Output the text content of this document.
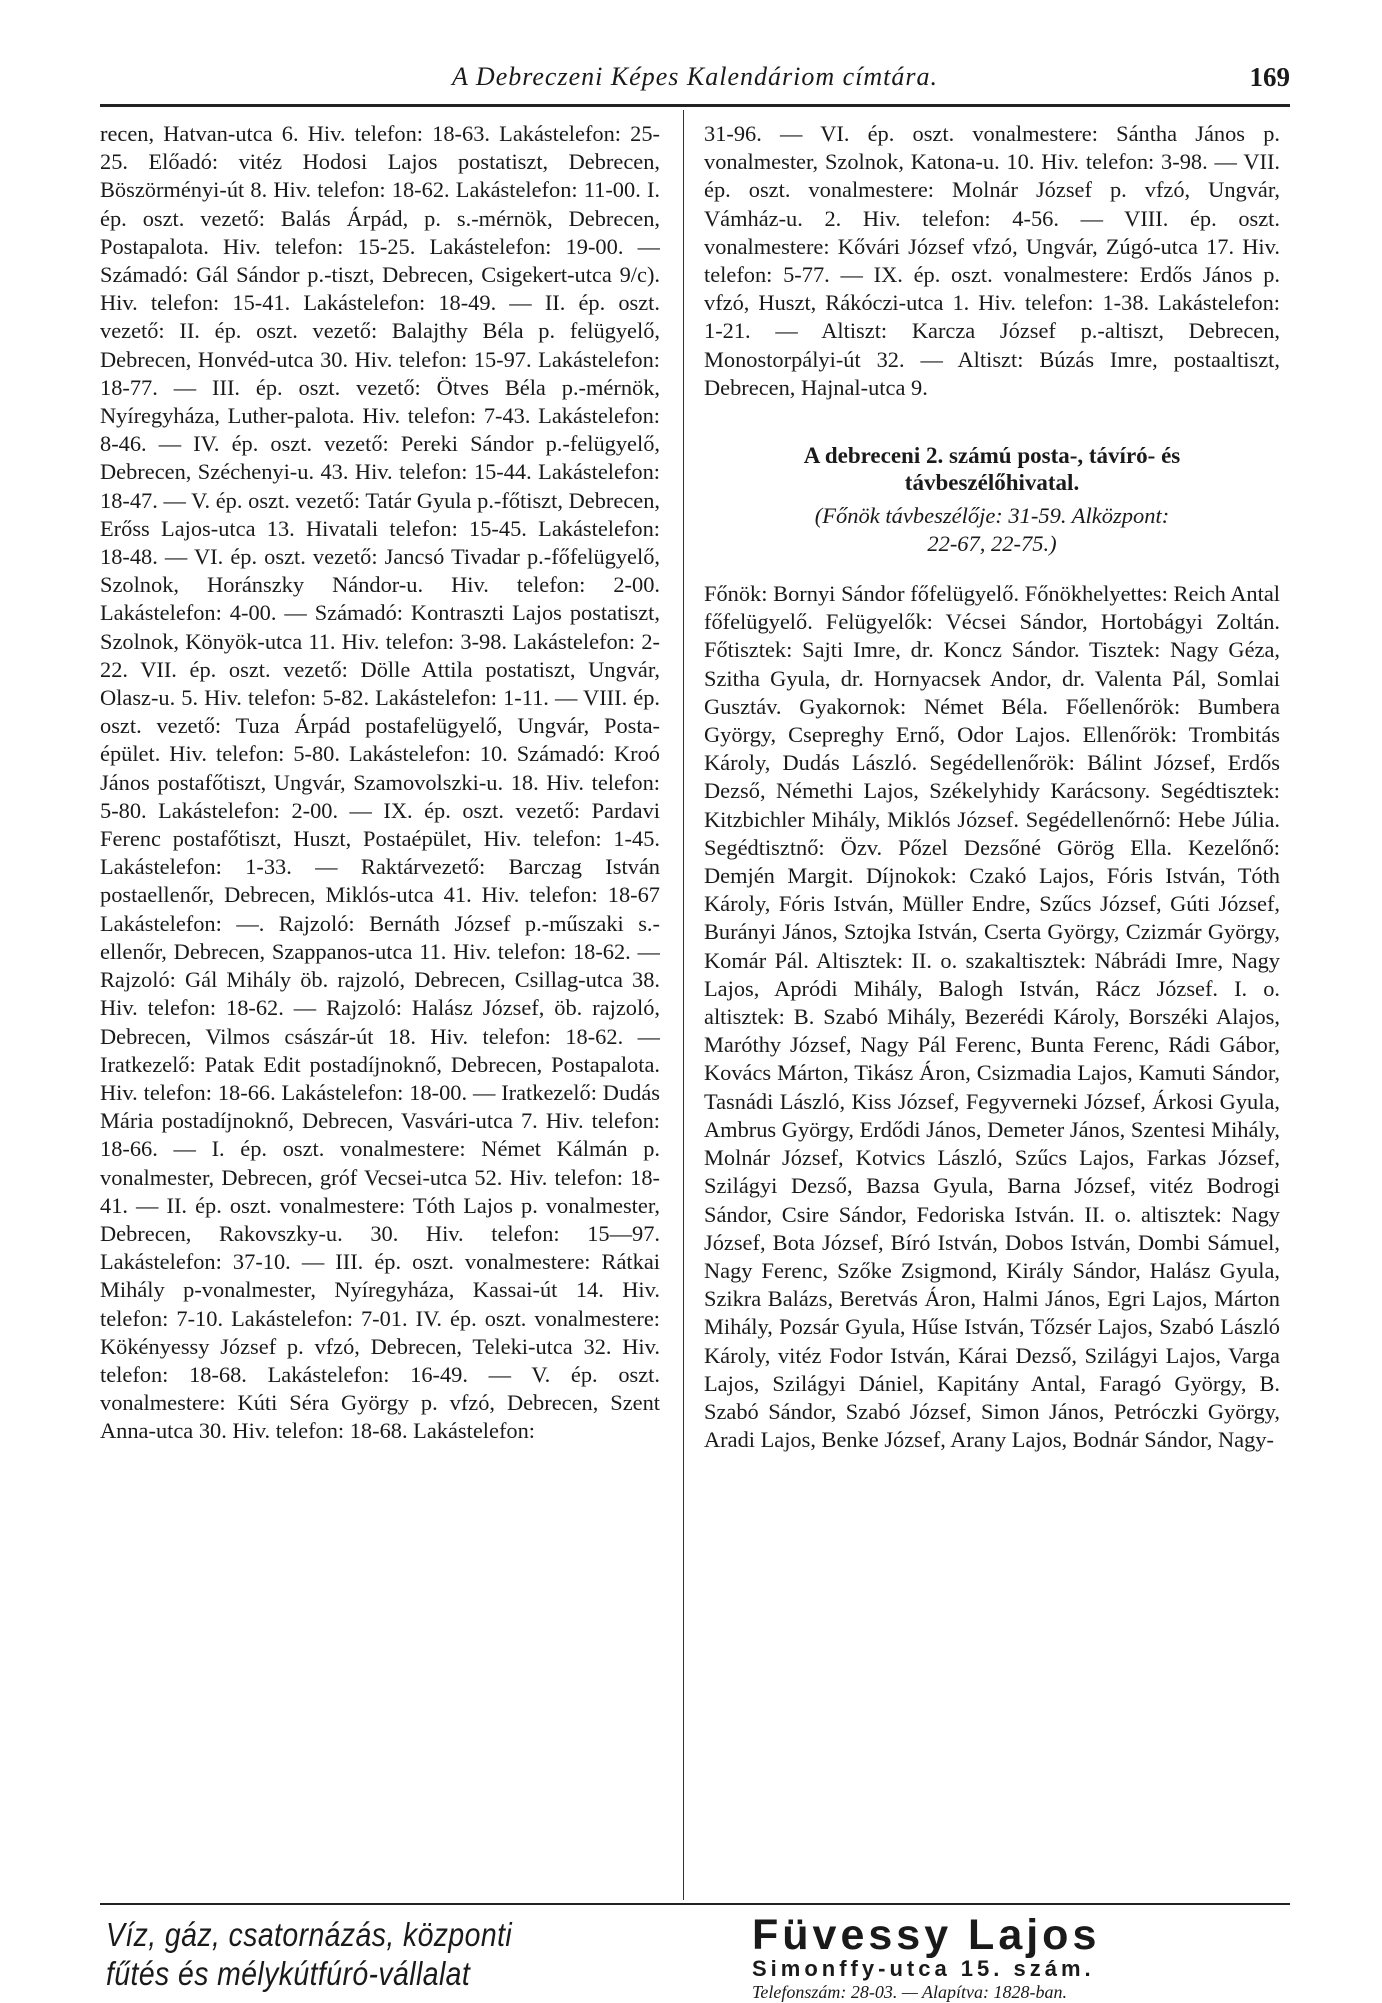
A Debreczeni Képes Kalendáriom címtára.	169

recen, Hatvan-utca 6. Hiv. telefon: 18-63. Lakástelefon: 25-25. Előadó: vitéz Hodosi Lajos postatiszt, Debrecen, Böszörményi-út 8. Hiv. telefon: 18-62. Lakástelefon: 11-00. I. ép. oszt. vezető: Balás Árpád, p. s.-mérnök, Debrecen, Postapalota. Hiv. telefon: 15-25. Lakástelefon: 19-00. — Számadó: Gál Sándor p.-tiszt, Debrecen, Csigekert-utca 9/c). Hiv. telefon: 15-41. Lakástelefon: 18-49. — II. ép. oszt. vezető: II. ép. oszt. vezető: Balajthy Béla p. felügyelő, Debrecen, Honvéd-utca 30. Hiv. telefon: 15-97. Lakástelefon: 18-77. — III. ép. oszt. vezető: Ötves Béla p.-mérnök, Nyíregyháza, Luther-palota. Hiv. telefon: 7-43. Lakástelefon: 8-46. — IV. ép. oszt. vezető: Pereki Sándor p.-felügyelő, Debrecen, Széchenyi-u. 43. Hiv. telefon: 15-44. Lakástelefon: 18-47. — V. ép. oszt. vezető: Tatár Gyula p.-főtiszt, Debrecen, Erőss Lajos-utca 13. Hivatali telefon: 15-45. Lakástelefon: 18-48. — VI. ép. oszt. vezető: Jancsó Tivadar p.-főfelügyelő, Szolnok, Horánszky Nándor-u. Hiv. telefon: 2-00. Lakástelefon: 4-00. — Számadó: Kontraszti Lajos postatiszt, Szolnok, Könyök-utca 11. Hiv. telefon: 3-98. Lakástelefon: 2-22. VII. ép. oszt. vezető: Dölle Attila postatiszt, Ungvár, Olasz-u. 5. Hiv. telefon: 5-82. Lakástelefon: 1-11. — VIII. ép. oszt. vezető: Tuza Árpád postafelügyelő, Ungvár, Posta-épület. Hiv. telefon: 5-80. Lakástelefon: 10. Számadó: Kroó János postafőtiszt, Ungvár, Szamovolszki-u. 18. Hiv. telefon: 5-80. Lakástelefon: 2-00. — IX. ép. oszt. vezető: Pardavi Ferenc postafőtiszt, Huszt, Postaépület, Hiv. telefon: 1-45. Lakástelefon: 1-33. — Raktárvezető: Barczag István postaellenőr, Debrecen, Miklós-utca 41. Hiv. telefon: 18-67 Lakástelefon: —. Rajzoló: Bernáth József p.-műszaki s.-ellenőr, Debrecen, Szappanos-utca 11. Hiv. telefon: 18-62. — Rajzoló: Gál Mihály öb. rajzoló, Debrecen, Csillag-utca 38. Hiv. telefon: 18-62. — Rajzoló: Halász József, öb. rajzoló, Debrecen, Vilmos császár-út 18. Hiv. telefon: 18-62. — Iratkezelő: Patak Edit postadíjnoknő, Debrecen, Postapalota. Hiv. telefon: 18-66. Lakástelefon: 18-00. — Iratkezelő: Dudás Mária postadíjnoknő, Debrecen, Vasvári-utca 7. Hiv. telefon: 18-66. — I. ép. oszt. vonalmestere: Német Kálmán p. vonalmester, Debrecen, gróf Vecsei-utca 52. Hiv. telefon: 18-41. — II. ép. oszt. vonalmestere: Tóth Lajos p. vonalmester, Debrecen, Rakovszky-u. 30. Hiv. telefon: 15—97. Lakástelefon: 37-10. — III. ép. oszt. vonalmestere: Rátkai Mihály p-vonalmester, Nyíregyháza, Kassai-út 14. Hiv. telefon: 7-10. Lakástelefon: 7-01. IV. ép. oszt. vonalmestere: Kökényessy József p. vfzó, Debrecen, Teleki-utca 32. Hiv. telefon: 18-68. Lakástelefon: 16-49. — V. ép. oszt. vonalmestere: Kúti Séra György p. vfzó, Debrecen, Szent Anna-utca 30. Hiv. telefon: 18-68. Lakástelefon:

31-96. — VI. ép. oszt. vonalmestere: Sántha János p. vonalmester, Szolnok, Katona-u. 10. Hiv. telefon: 3-98. — VII. ép. oszt. vonalmestere: Molnár József p. vfzó, Ungvár, Vámház-u. 2. Hiv. telefon: 4-56. — VIII. ép. oszt. vonalmestere: Kővári József vfzó, Ungvár, Zúgó-utca 17. Hiv. telefon: 5-77. — IX. ép. oszt. vonalmestere: Erdős János p. vfzó, Huszt, Rákóczi-utca 1. Hiv. telefon: 1-38. Lakástelefon: 1-21. — Altiszt: Karcza József p.-altiszt, Debrecen, Monostorpályi-út 32. — Altiszt: Búzás Imre, postaaltiszt, Debrecen, Hajnal-utca 9.

A debreceni 2. számú posta-, távíró- és
távbeszélőhivatal.
(Főnök távbeszélője: 31-59. Alközpont:
22-67, 22-75.)

Főnök: Bornyi Sándor főfelügyelő. Főnökhelyettes: Reich Antal főfelügyelő. Felügyelők: Vécsei Sándor, Hortobágyi Zoltán. Főtisztek: Sajti Imre, dr. Koncz Sándor. Tisztek: Nagy Géza, Szitha Gyula, dr. Hornyacsek Andor, dr. Valenta Pál, Somlai Gusztáv. Gyakornok: Német Béla. Főellenőrök: Bumbera György, Csepreghy Ernő, Odor Lajos. Ellenőrök: Trombitás Károly, Dudás László. Segédellenőrök: Bálint József, Erdős Dezső, Némethi Lajos, Székelyhidy Karácsony. Segédtisztek: Kitzbichler Mihály, Miklós József. Segédellenőrnő: Hebe Júlia. Segédtisztnő: Özv. Pőzel Dezsőné Görög Ella. Kezelőnő: Demjén Margit. Díjnokok: Czakó Lajos, Fóris István, Tóth Károly, Fóris István, Müller Endre, Szűcs József, Gúti József, Burányi János, Sztojka István, Cserta György, Czizmár György, Komár Pál. Altisztek: II. o. szakaltisztek: Nábrádi Imre, Nagy Lajos, Apródi Mihály, Balogh István, Rácz József. I. o. altisztek: B. Szabó Mihály, Bezerédi Károly, Borszéki Alajos, Maróthy József, Nagy Pál Ferenc, Bunta Ferenc, Rádi Gábor, Kovács Márton, Tikász Áron, Csizmadia Lajos, Kamuti Sándor, Tasnádi László, Kiss József, Fegyverneki József, Árkosi Gyula, Ambrus György, Erdődi János, Demeter János, Szentesi Mihály, Molnár József, Kotvics László, Szűcs Lajos, Farkas József, Szilágyi Dezső, Bazsa Gyula, Barna József, vitéz Bodrogi Sándor, Csire Sándor, Fedoriska István. II. o. altisztek: Nagy József, Bota József, Bíró István, Dobos István, Dombi Sámuel, Nagy Ferenc, Szőke Zsigmond, Király Sándor, Halász Gyula, Szikra Balázs, Beretvás Áron, Halmi János, Egri Lajos, Márton Mihály, Pozsár Gyula, Hűse István, Tőzsér Lajos, Szabó László Károly, vitéz Fodor István, Kárai Dezső, Szilágyi Lajos, Varga Lajos, Szilágyi Dániel, Kapitány Antal, Faragó György, B. Szabó Sándor, Szabó József, Simon János, Petróczki György, Aradi Lajos, Benke József, Arany Lajos, Bodnár Sándor, Nagy-

Víz, gáz, csatornázás, központi
fűtés és mélykútfúró-vállalat
Füvessy Lajos
Simonffy-utca 15. szám.
Telefonszám: 28-03. — Alapítva: 1828-ban.
